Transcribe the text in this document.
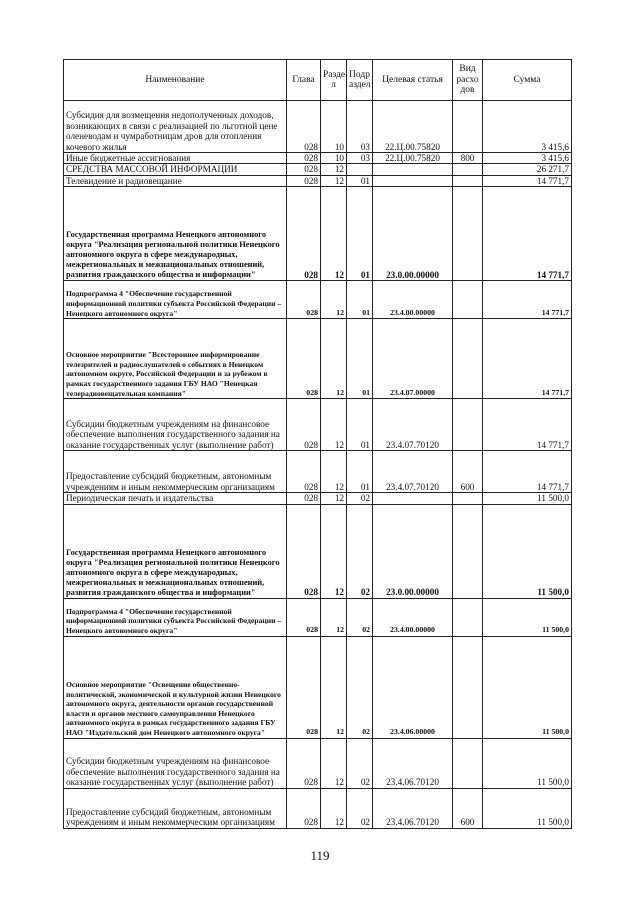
Наименование	Глава	Разде л	Подр аздел	Целевая статья	Вид расхо дов	Сумма
Субсидия для возмещения недополученных доходов, возникающих в связи с реализацией по льготной цене оленеводам и чумработницам дров для отопления кочевого жилья	028	10	03	22.Ц.00.75820		3 415,6
Иные бюджетные ассигнования	028	10	03	22.Ц.00.75820	800	3 415,6
СРЕДСТВА МАССОВОЙ ИНФОРМАЦИИ	028	12				26 271,7
Телевидение и радиовещание	028	12	01			14 771,7
Государственная программа Ненецкого автономного округа "Реализация региональной политики Ненецкого автономного округа в сфере международных, межрегиональных и межнациональных отношений, развития гражданского общества и информации"	028	12	01	23.0.00.00000		14 771,7
Подпрограмма 4 "Обеспечение государственной информационной политики субъекта Российской Федерации – Ненецкого автономного округа"	028	12	01	23.4.00.00000		14 771,7
Основное мероприятие "Всестороннее информирование телезрителей и радиослушателей о событиях в Ненецком автономном округе, Российской Федерации и за рубежом в рамках государственного задания ГБУ НАО "Ненецкая телерадиовещательная компания"	028	12	01	23.4.07.00000		14 771,7
Субсидии бюджетным учреждениям на финансовое обеспечение выполнения государственного задания на оказание государственных услуг (выполнение работ)	028	12	01	23.4.07.70120		14 771,7
Предоставление субсидий бюджетным, автономным учреждениям и иным некоммерческим организациям	028	12	01	23.4.07.70120	600	14 771,7
Периодическая печать и издательства	028	12	02			11 500,0
Государственная программа Ненецкого автономного округа "Реализация региональной политики Ненецкого автономного округа в сфере международных, межрегиональных и межнациональных отношений, развития гражданского общества и информации"	028	12	02	23.0.00.00000		11 500,0
Подпрограмма 4 "Обеспечение государственной информационной политики субъекта Российской Федерации – Ненецкого автономного округа"	028	12	02	23.4.00.00000		11 500,0
Основное мероприятие "Освещение общественно-политической, экономической и культурной жизни Ненецкого автономного округа, деятельности органов государственной власти и органов местного самоуправления Ненецкого автономного округа в рамках государственного задания ГБУ НАО "Издательский дом Ненецкого автономного округа"	028	12	02	23.4.06.00000		11 500,0
Субсидии бюджетным учреждениям на финансовое обеспечение выполнения государственного задания на оказание государственных услуг (выполнение работ)	028	12	02	23.4.06.70120		11 500,0
Предоставление субсидий бюджетным, автономным учреждениям и иным некоммерческим организациям	028	12	02	23.4.06.70120	600	11 500,0
119
